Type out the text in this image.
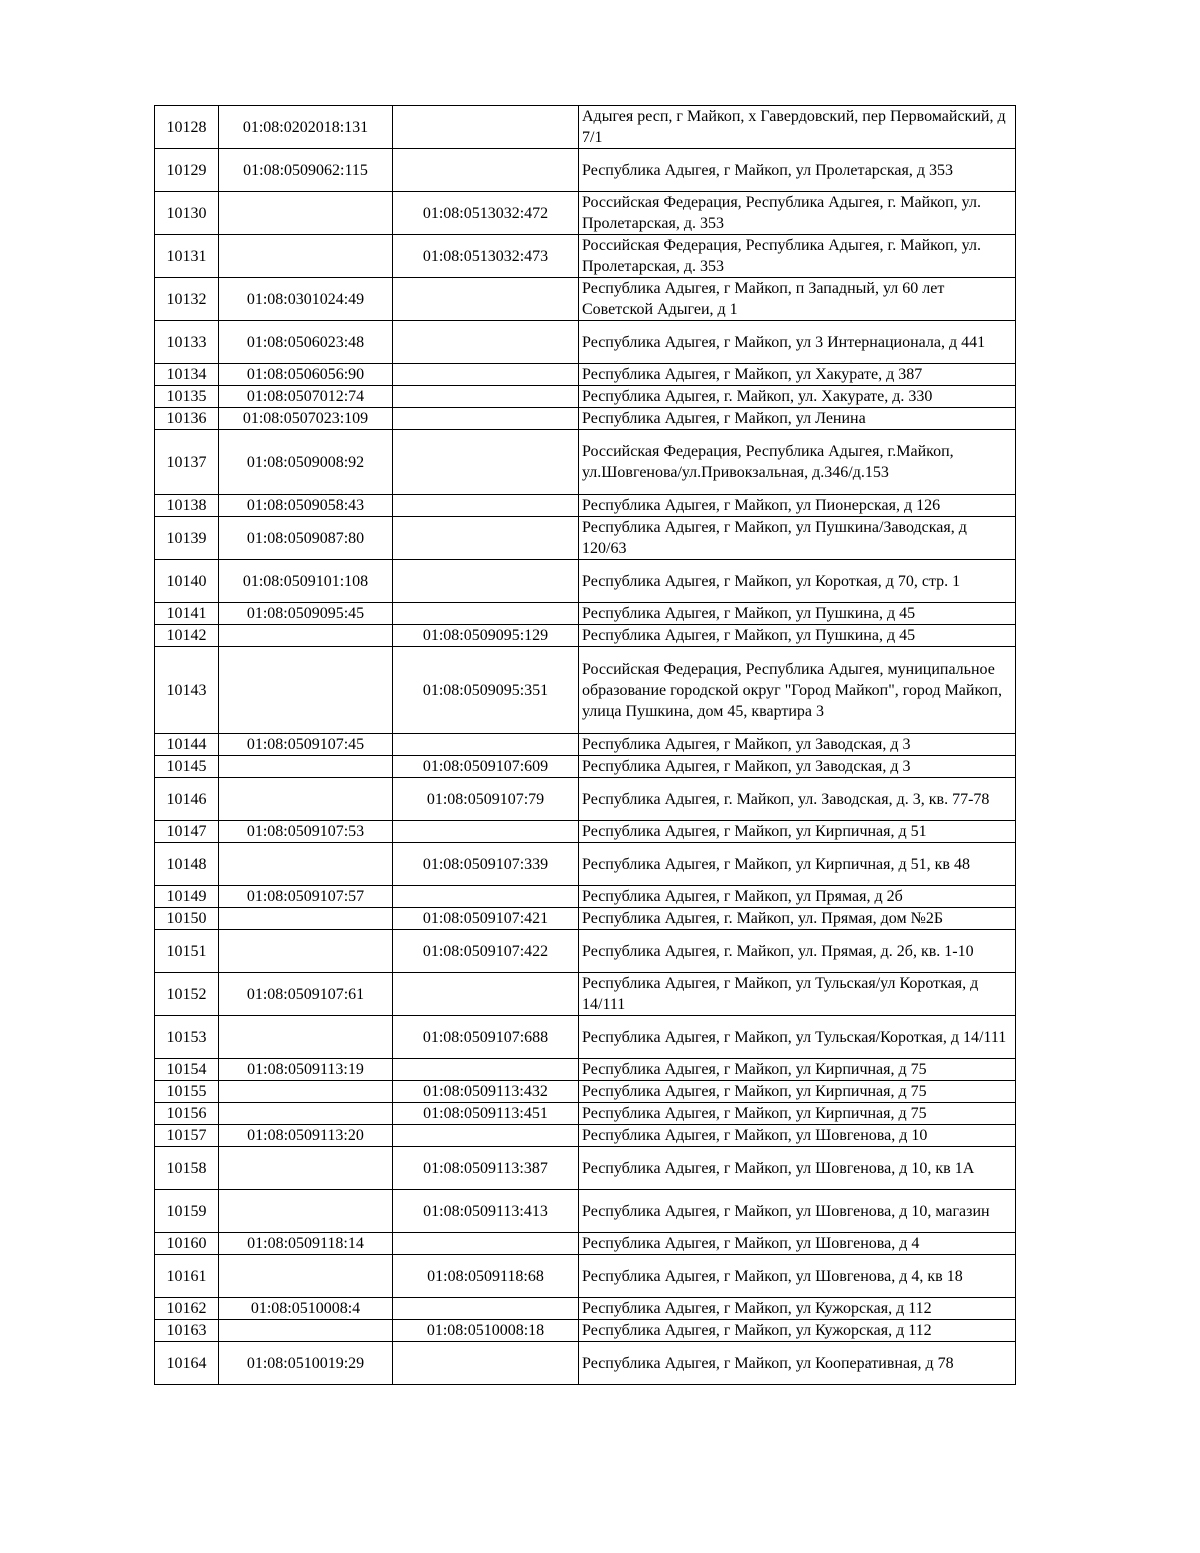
10128	01:08:0202018:131		Адыгея респ, г Майкоп, х Гавердовский, пер Первомайский, д 7/1
10129	01:08:0509062:115		Республика Адыгея, г Майкоп, ул Пролетарская, д 353
10130		01:08:0513032:472	Российская Федерация, Республика Адыгея, г. Майкоп, ул. Пролетарская, д. 353
10131		01:08:0513032:473	Российская Федерация, Республика Адыгея, г. Майкоп, ул. Пролетарская, д. 353
10132	01:08:0301024:49		Республика Адыгея, г Майкоп, п Западный, ул 60 лет Советской Адыгеи, д 1
10133	01:08:0506023:48		Республика Адыгея, г Майкоп, ул 3 Интернационала, д 441
10134	01:08:0506056:90		Республика Адыгея, г Майкоп, ул Хакурате, д 387
10135	01:08:0507012:74		Республика Адыгея, г. Майкоп, ул. Хакурате, д. 330
10136	01:08:0507023:109		Республика Адыгея, г Майкоп, ул Ленина
10137	01:08:0509008:92		Российская Федерация, Республика Адыгея, г.Майкоп, ул.Шовгенова/ул.Привокзальная, д.346/д.153
10138	01:08:0509058:43		Республика Адыгея, г Майкоп, ул Пионерская, д 126
10139	01:08:0509087:80		Республика Адыгея, г Майкоп, ул Пушкина/Заводская, д 120/63
10140	01:08:0509101:108		Республика Адыгея, г Майкоп, ул Короткая, д 70, стр. 1
10141	01:08:0509095:45		Республика Адыгея, г Майкоп, ул Пушкина, д 45
10142		01:08:0509095:129	Республика Адыгея, г Майкоп, ул Пушкина, д 45
10143		01:08:0509095:351	Российская Федерация, Республика Адыгея, муниципальное образование городской округ "Город Майкоп", город Майкоп, улица Пушкина, дом 45, квартира 3
10144	01:08:0509107:45		Республика Адыгея, г Майкоп, ул Заводская, д 3
10145		01:08:0509107:609	Республика Адыгея, г Майкоп, ул Заводская, д 3
10146		01:08:0509107:79	Республика Адыгея, г. Майкоп, ул. Заводская, д. 3, кв. 77-78
10147	01:08:0509107:53		Республика Адыгея, г Майкоп, ул Кирпичная, д 51
10148		01:08:0509107:339	Республика Адыгея, г Майкоп, ул Кирпичная, д 51, кв 48
10149	01:08:0509107:57		Республика Адыгея, г Майкоп, ул Прямая, д 2б
10150		01:08:0509107:421	Республика Адыгея, г. Майкоп, ул. Прямая, дом №2Б
10151		01:08:0509107:422	Республика Адыгея, г. Майкоп, ул. Прямая, д. 2б, кв. 1-10
10152	01:08:0509107:61		Республика Адыгея, г Майкоп, ул Тульская/ул Короткая, д 14/111
10153		01:08:0509107:688	Республика Адыгея, г Майкоп, ул Тульская/Короткая, д 14/111
10154	01:08:0509113:19		Республика Адыгея, г Майкоп, ул Кирпичная, д 75
10155		01:08:0509113:432	Республика Адыгея, г Майкоп, ул Кирпичная, д 75
10156		01:08:0509113:451	Республика Адыгея, г Майкоп, ул Кирпичная, д 75
10157	01:08:0509113:20		Республика Адыгея, г Майкоп, ул Шовгенова, д 10
10158		01:08:0509113:387	Республика Адыгея, г Майкоп, ул Шовгенова, д 10, кв 1А
10159		01:08:0509113:413	Республика Адыгея, г Майкоп, ул Шовгенова, д 10, магазин
10160	01:08:0509118:14		Республика Адыгея, г Майкоп, ул Шовгенова, д 4
10161		01:08:0509118:68	Республика Адыгея, г Майкоп, ул Шовгенова, д 4, кв 18
10162	01:08:0510008:4		Республика Адыгея, г Майкоп, ул Кужорская, д 112
10163		01:08:0510008:18	Республика Адыгея, г Майкоп, ул Кужорская, д 112
10164	01:08:0510019:29		Республика Адыгея, г Майкоп, ул Кооперативная, д 78
